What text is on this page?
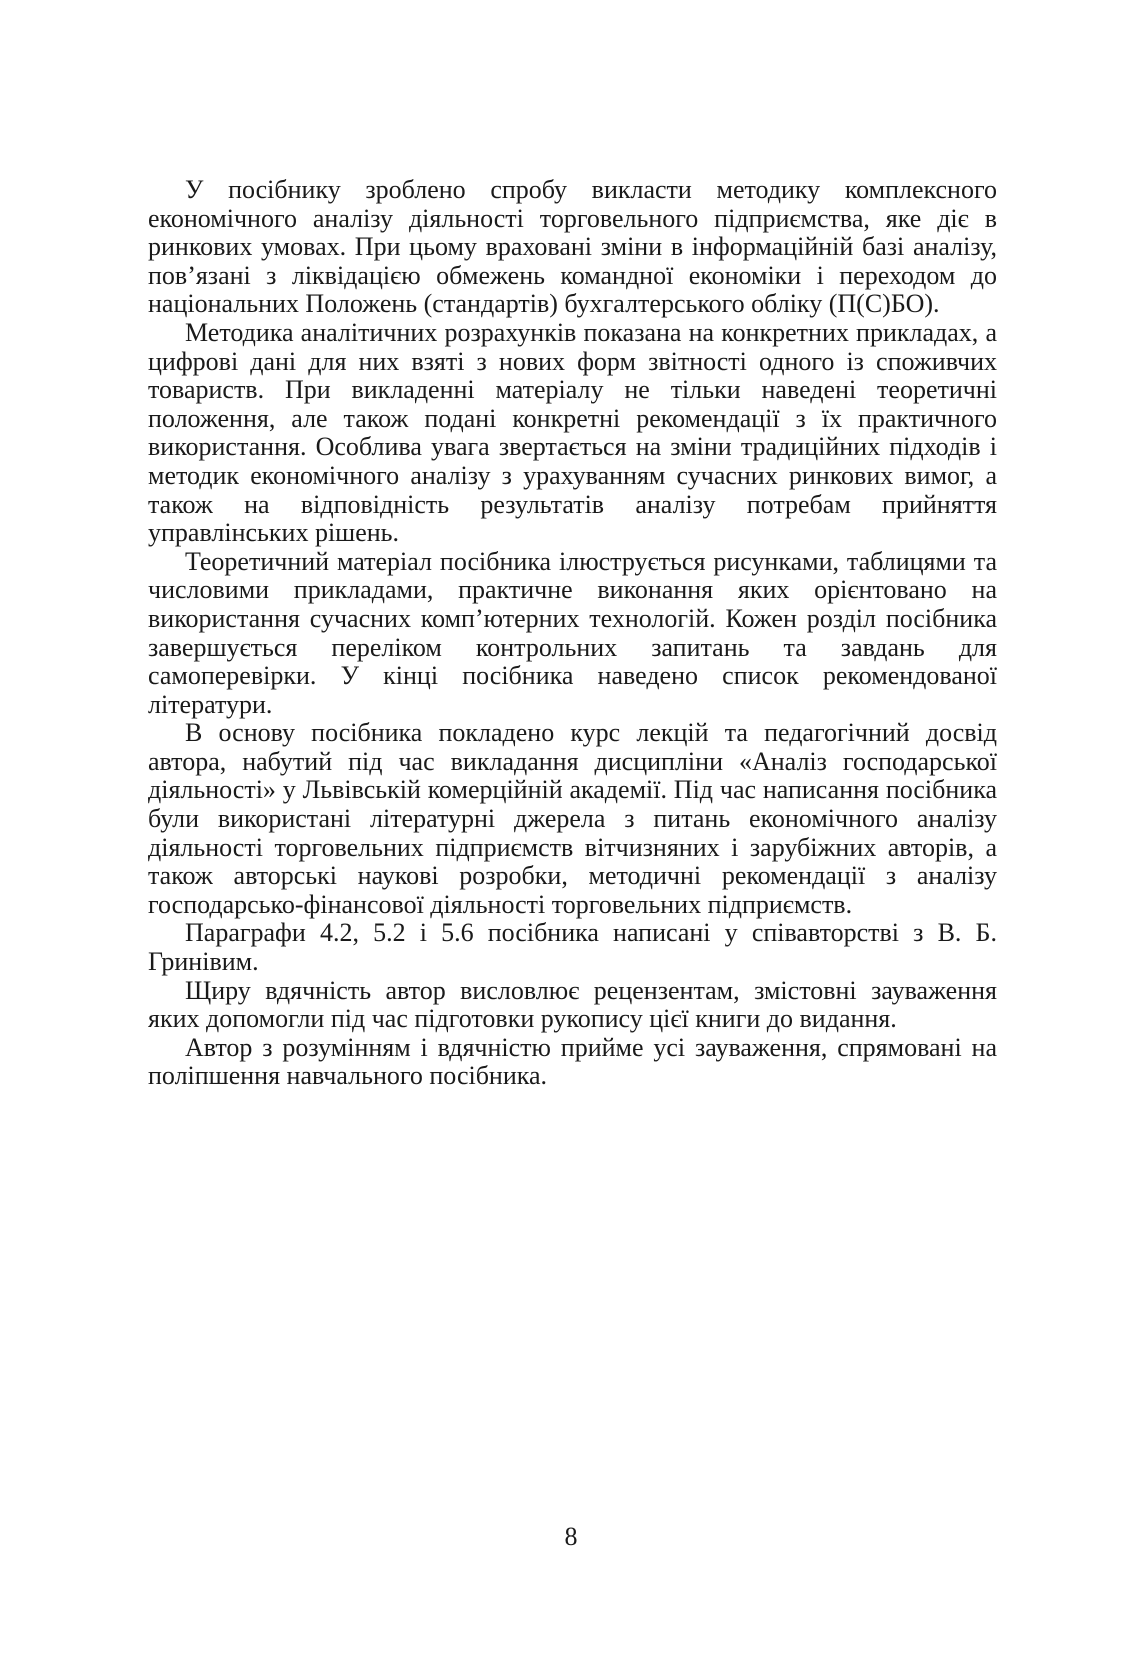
У посібнику зроблено спробу викласти методику комплексного економічного аналізу діяльності торговельного підприємства, яке діє в ринкових умовах. При цьому враховані зміни в інформаційній базі аналізу, пов’язані з ліквідацією обмежень командної економіки і переходом до національних Положень (стандартів) бухгалтерського обліку (П(С)БО).

Методика аналітичних розрахунків показана на конкретних прикладах, а цифрові дані для них взяті з нових форм звітності одного із споживчих товариств. При викладенні матеріалу не тільки наведені теоретичні положення, але також подані конкретні рекомендації з їх практичного використання. Особлива увага звертається на зміни традиційних підходів і методик економічного аналізу з урахуванням сучасних ринкових вимог, а також на відповідність результатів аналізу потребам прийняття управлінських рішень.

Теоретичний матеріал посібника ілюструється рисунками, таблицями та числовими прикладами, практичне виконання яких орiєнтовано на використання сучасних комп’ютерних технологій. Кожен розділ посібника завершується переліком контрольних запитань та завдань для самоперевірки. У кінці посібника наведено список рекомендованої літератури.

В основу посібника покладено курс лекцій та педагогічний досвід автора, набутий під час викладання дисципліни «Аналіз господарської діяльності» у Львівській комерційній академії. Під час написання посібника були використані літературні джерела з питань економічного аналізу діяльності торговельних підприємств вітчизняних і зарубіжних авторів, а також авторські наукові розробки, методичні рекомендації з аналізу господарсько-фінансової діяльності торговельних підприємств.

Параграфи 4.2, 5.2 і 5.6 посібника написані у співавторстві з В. Б. Гринівим.

Щиру вдячність автор висловлює рецензентам, змістовні зауваження яких допомогли під час підготовки рукопису цієї книги до видання.

Автор з розумінням і вдячністю прийме усі зауваження, спрямовані на поліпшення навчального посібника.

8
